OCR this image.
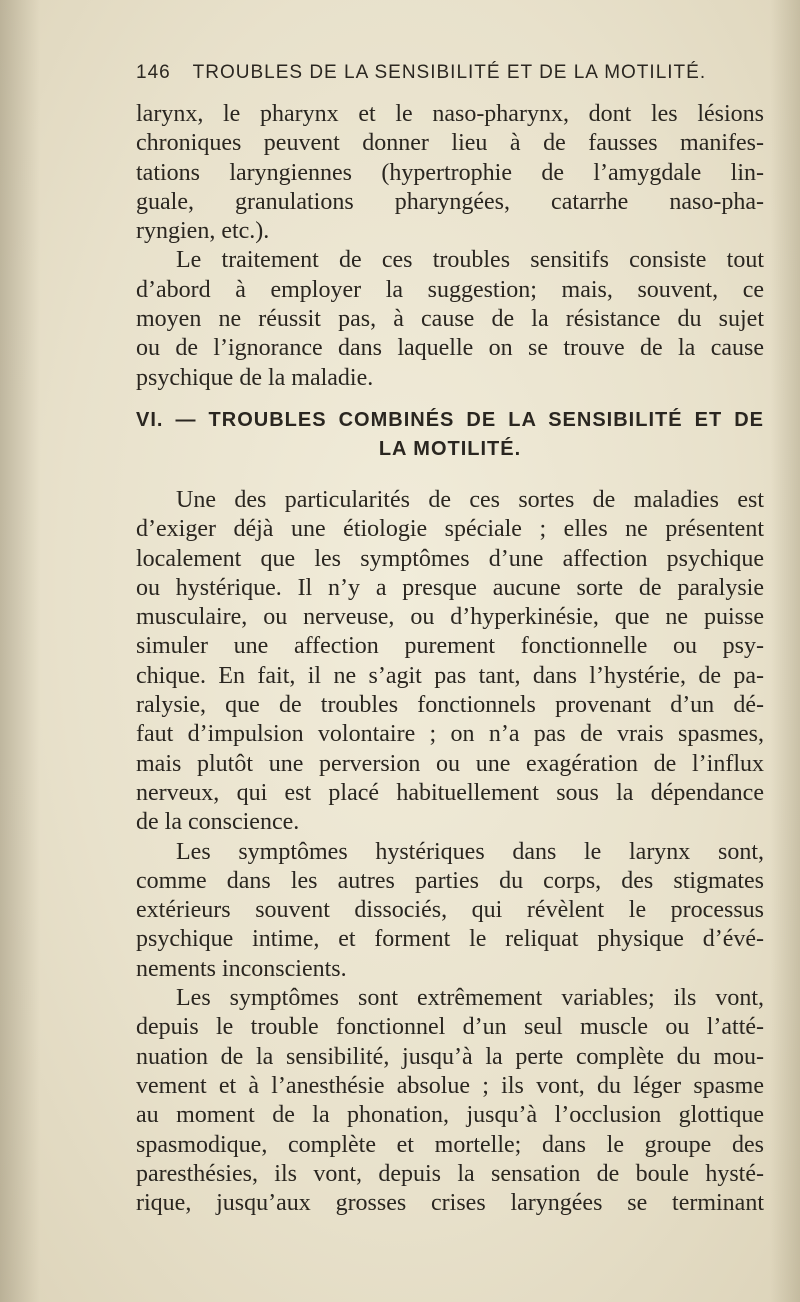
146 TROUBLES DE LA SENSIBILITÉ ET DE LA MOTILITÉ.
larynx, le pharynx et le naso-pharynx, dont les lésions
chroniques peuvent donner lieu à de fausses manifes-
tations laryngiennes (hypertrophie de l’amygdale lin-
guale, granulations pharyngées, catarrhe naso-pha-
ryngien, etc.).
Le traitement de ces troubles sensitifs consiste tout
d’abord à employer la suggestion; mais, souvent, ce
moyen ne réussit pas, à cause de la résistance du sujet
ou de l’ignorance dans laquelle on se trouve de la cause
psychique de la maladie.
VI. — TROUBLES COMBINÉS DE LA SENSIBILITÉ ET DE
LA MOTILITÉ.
Une des particularités de ces sortes de maladies est
d’exiger déjà une étiologie spéciale ; elles ne présentent
localement que les symptômes d’une affection psychique
ou hystérique. Il n’y a presque aucune sorte de paralysie
musculaire, ou nerveuse, ou d’hyperkinésie, que ne puisse
simuler une affection purement fonctionnelle ou psy-
chique. En fait, il ne s’agit pas tant, dans l’hystérie, de pa-
ralysie, que de troubles fonctionnels provenant d’un dé-
faut d’impulsion volontaire ; on n’a pas de vrais spasmes,
mais plutôt une perversion ou une exagération de l’influx
nerveux, qui est placé habituellement sous la dépendance
de la conscience.
Les symptômes hystériques dans le larynx sont,
comme dans les autres parties du corps, des stigmates
extérieurs souvent dissociés, qui révèlent le processus
psychique intime, et forment le reliquat physique d’évé-
nements inconscients.
Les symptômes sont extrêmement variables; ils vont,
depuis le trouble fonctionnel d’un seul muscle ou l’atté-
nuation de la sensibilité, jusqu’à la perte complète du mou-
vement et à l’anesthésie absolue ; ils vont, du léger spasme
au moment de la phonation, jusqu’à l’occlusion glottique
spasmodique, complète et mortelle; dans le groupe des
paresthésies, ils vont, depuis la sensation de boule hysté-
rique, jusqu’aux grosses crises laryngées se terminant
